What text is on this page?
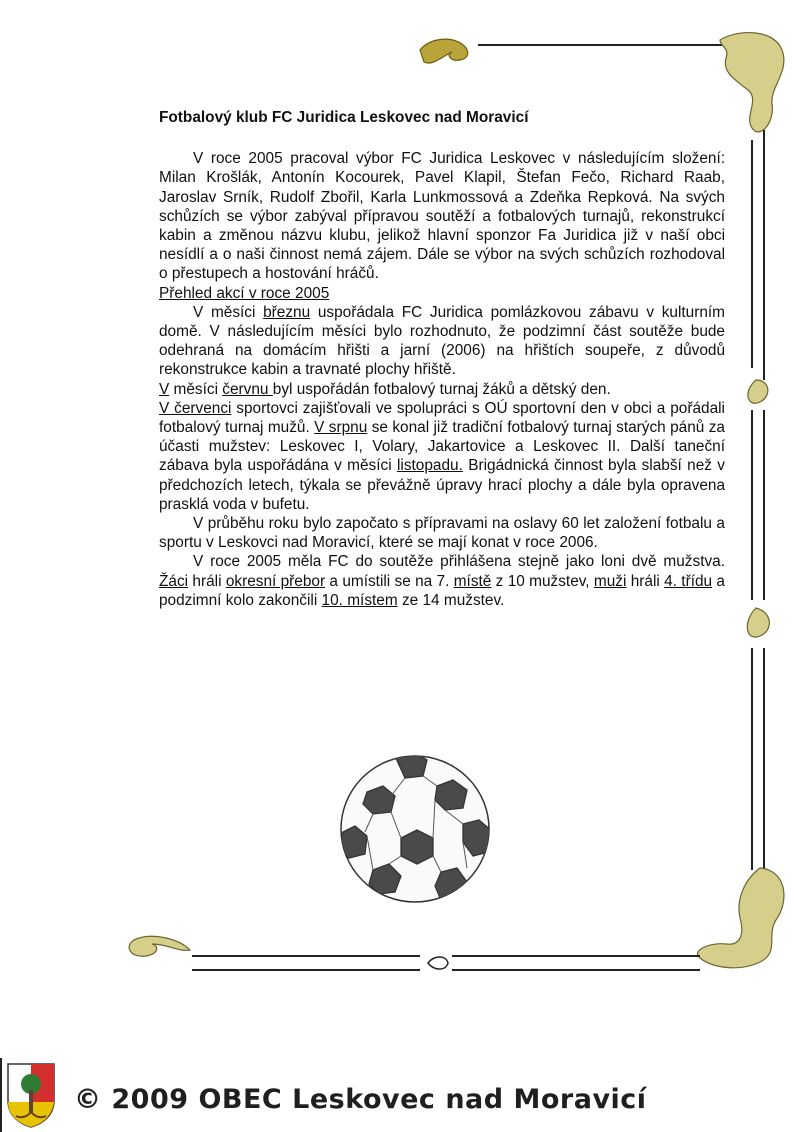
Fotbalový klub FC Juridica Leskovec nad Moravicí

V roce 2005 pracoval výbor FC Juridica Leskovec v následujícím složení: Milan Krošlák, Antonín Kocourek, Pavel Klapil, Štefan Fečo, Richard Raab, Jaroslav Srník, Rudolf Zbořil, Karla Lunkmossová a Zdeňka Repková. Na svých schůzích se výbor zabýval přípravou soutěží a fotbalových turnajů, rekonstrukcí kabin a změnou názvu klubu, jelikož hlavní sponzor Fa Juridica již v naší obci nesídlí a o naši činnost nemá zájem. Dále se výbor na svých schůzích rozhodoval o přestupech a hostování hráčů.

Přehled akcí v roce 2005

V měsíci březnu uspořádala FC Juridica pomlázkovou zábavu v kulturním domě. V následujícím měsíci bylo rozhodnuto, že podzimní část soutěže bude odehraná na domácím hřišti a jarní (2006) na hřištích soupeře, z důvodů rekonstrukce kabin a travnaté plochy hřiště.

V měsíci červnu byl uspořádán fotbalový turnaj žáků a dětský den.

V červenci sportovci zajišťovali ve spolupráci s OÚ sportovní den v obci a pořádali fotbalový turnaj mužů. V srpnu se konal již tradiční fotbalový turnaj starých pánů za účasti mužstev: Leskovec I, Volary, Jakartovice a Leskovec II. Další taneční zábava byla uspořádána v měsíci listopadu. Brigádnická činnost byla slabší než v předchozích letech, týkala se převážně úpravy hrací plochy a dále byla opravena prasklá voda v bufetu.

V průběhu roku bylo započato s přípravami na oslavy 60 let založení fotbalu a sportu v Leskovci nad Moravicí, které se mají konat v roce 2006.

V roce 2005 měla FC do soutěže přihlášena stejně jako loni dvě mužstva. Žáci hráli okresní přebor a umístili se na 7. místě z 10 mužstev, muži hráli 4. třídu a podzimní kolo zakončili 10. místem ze 14 mužstev.

© 2009 OBEC Leskovec nad Moravicí
